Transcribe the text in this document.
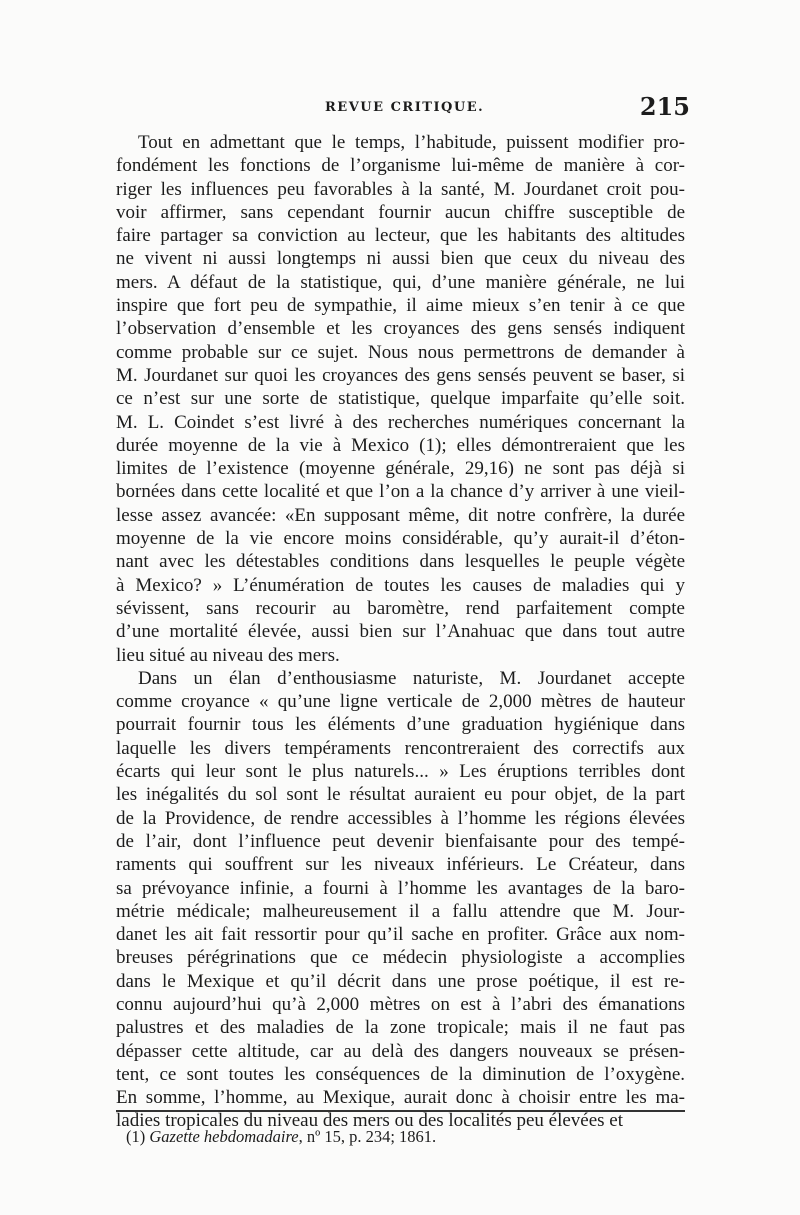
REVUE CRITIQUE.	215
Tout en admettant que le temps, l’habitude, puissent modifier pro-
fondément les fonctions de l’organisme lui-même de manière à cor-
riger les influences peu favorables à la santé, M. Jourdanet croit pou-
voir affirmer, sans cependant fournir aucun chiffre susceptible de
faire partager sa conviction au lecteur, que les habitants des altitudes
ne vivent ni aussi longtemps ni aussi bien que ceux du niveau des
mers. A défaut de la statistique, qui, d’une manière générale, ne lui
inspire que fort peu de sympathie, il aime mieux s’en tenir à ce que
l’observation d’ensemble et les croyances des gens sensés indiquent
comme probable sur ce sujet. Nous nous permettrons de demander à
M. Jourdanet sur quoi les croyances des gens sensés peuvent se baser, si
ce n’est sur une sorte de statistique, quelque imparfaite qu’elle soit.
M. L. Coindet s’est livré à des recherches numériques concernant la
durée moyenne de la vie à Mexico (1); elles démontreraient que les
limites de l’existence (moyenne générale, 29,16) ne sont pas déjà si
bornées dans cette localité et que l’on a la chance d’y arriver à une vieil-
lesse assez avancée: «En supposant même, dit notre confrère, la durée
moyenne de la vie encore moins considérable, qu’y aurait-il d’éton-
nant avec les détestables conditions dans lesquelles le peuple végète
à Mexico? » L’énumération de toutes les causes de maladies qui y
sévissent, sans recourir au baromètre, rend parfaitement compte
d’une mortalité élevée, aussi bien sur l’Anahuac que dans tout autre
lieu situé au niveau des mers.
Dans un élan d’enthousiasme naturiste, M. Jourdanet accepte
comme croyance « qu’une ligne verticale de 2,000 mètres de hauteur
pourrait fournir tous les éléments d’une graduation hygiénique dans
laquelle les divers tempéraments rencontreraient des correctifs aux
écarts qui leur sont le plus naturels... » Les éruptions terribles dont
les inégalités du sol sont le résultat auraient eu pour objet, de la part
de la Providence, de rendre accessibles à l’homme les régions élevées
de l’air, dont l’influence peut devenir bienfaisante pour des tempé-
raments qui souffrent sur les niveaux inférieurs. Le Créateur, dans
sa prévoyance infinie, a fourni à l’homme les avantages de la baro-
métrie médicale; malheureusement il a fallu attendre que M. Jour-
danet les ait fait ressortir pour qu’il sache en profiter. Grâce aux nom-
breuses pérégrinations que ce médecin physiologiste a accomplies
dans le Mexique et qu’il décrit dans une prose poétique, il est re-
connu aujourd’hui qu’à 2,000 mètres on est à l’abri des émanations
palustres et des maladies de la zone tropicale; mais il ne faut pas
dépasser cette altitude, car au delà des dangers nouveaux se présen-
tent, ce sont toutes les conséquences de la diminution de l’oxygène.
En somme, l’homme, au Mexique, aurait donc à choisir entre les ma-
ladies tropicales du niveau des mers ou des localités peu élevées et
(1) Gazette hebdomadaire, nº 15, p. 234; 1861.
